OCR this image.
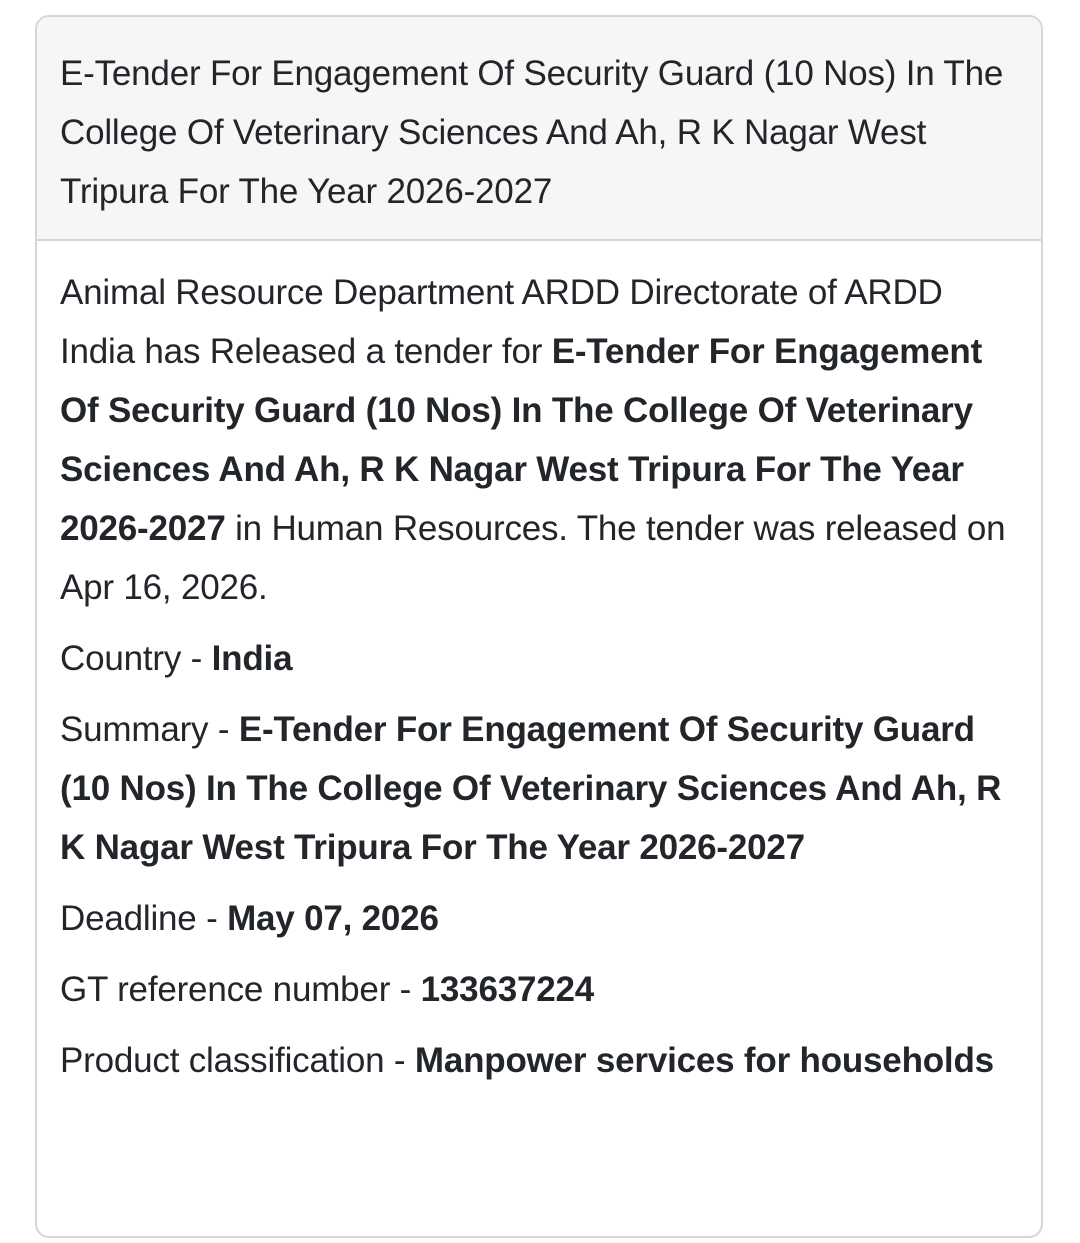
E-Tender For Engagement Of Security Guard (10 Nos) In The College Of Veterinary Sciences And Ah, R K Nagar West Tripura For The Year 2026-2027

Animal Resource Department ARDD Directorate of ARDD India has Released a tender for E-Tender For Engagement Of Security Guard (10 Nos) In The College Of Veterinary Sciences And Ah, R K Nagar West Tripura For The Year 2026-2027 in Human Resources. The tender was released on Apr 16, 2026.

Country - India
Summary - E-Tender For Engagement Of Security Guard (10 Nos) In The College Of Veterinary Sciences And Ah, R K Nagar West Tripura For The Year 2026-2027
Deadline - May 07, 2026
GT reference number - 133637224
Product classification - Manpower services for households
